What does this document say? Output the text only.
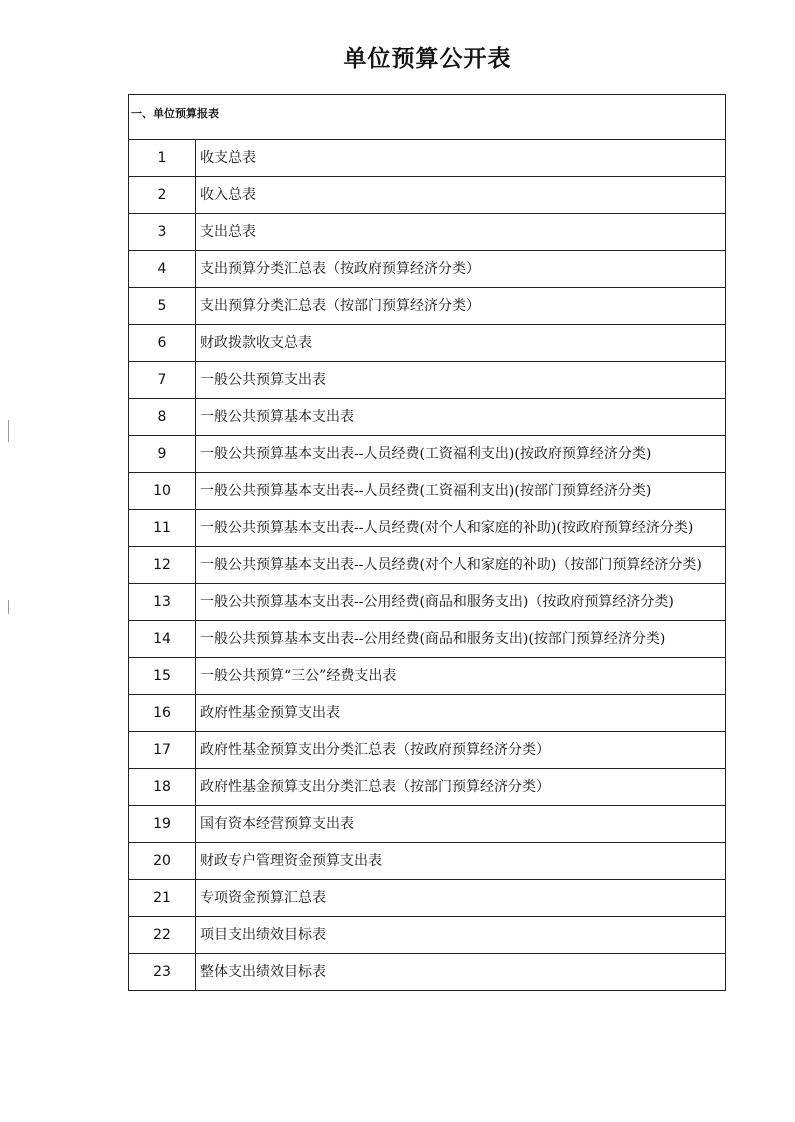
单位预算公开表
一、单位预算报表	
1	收支总表
2	收入总表
3	支出总表
4	支出预算分类汇总表（按政府预算经济分类）
5	支出预算分类汇总表（按部门预算经济分类）
6	财政拨款收支总表
7	一般公共预算支出表
8	一般公共预算基本支出表
9	一般公共预算基本支出表--人员经费(工资福利支出)(按政府预算经济分类)
10	一般公共预算基本支出表--人员经费(工资福利支出)(按部门预算经济分类)
11	一般公共预算基本支出表--人员经费(对个人和家庭的补助)(按政府预算经济分类)
12	一般公共预算基本支出表--人员经费(对个人和家庭的补助)（按部门预算经济分类)
13	一般公共预算基本支出表--公用经费(商品和服务支出)（按政府预算经济分类)
14	一般公共预算基本支出表--公用经费(商品和服务支出)(按部门预算经济分类)
15	一般公共预算“三公”经费支出表
16	政府性基金预算支出表
17	政府性基金预算支出分类汇总表（按政府预算经济分类）
18	政府性基金预算支出分类汇总表（按部门预算经济分类）
19	国有资本经营预算支出表
20	财政专户管理资金预算支出表
21	专项资金预算汇总表
22	项目支出绩效目标表
23	整体支出绩效目标表
